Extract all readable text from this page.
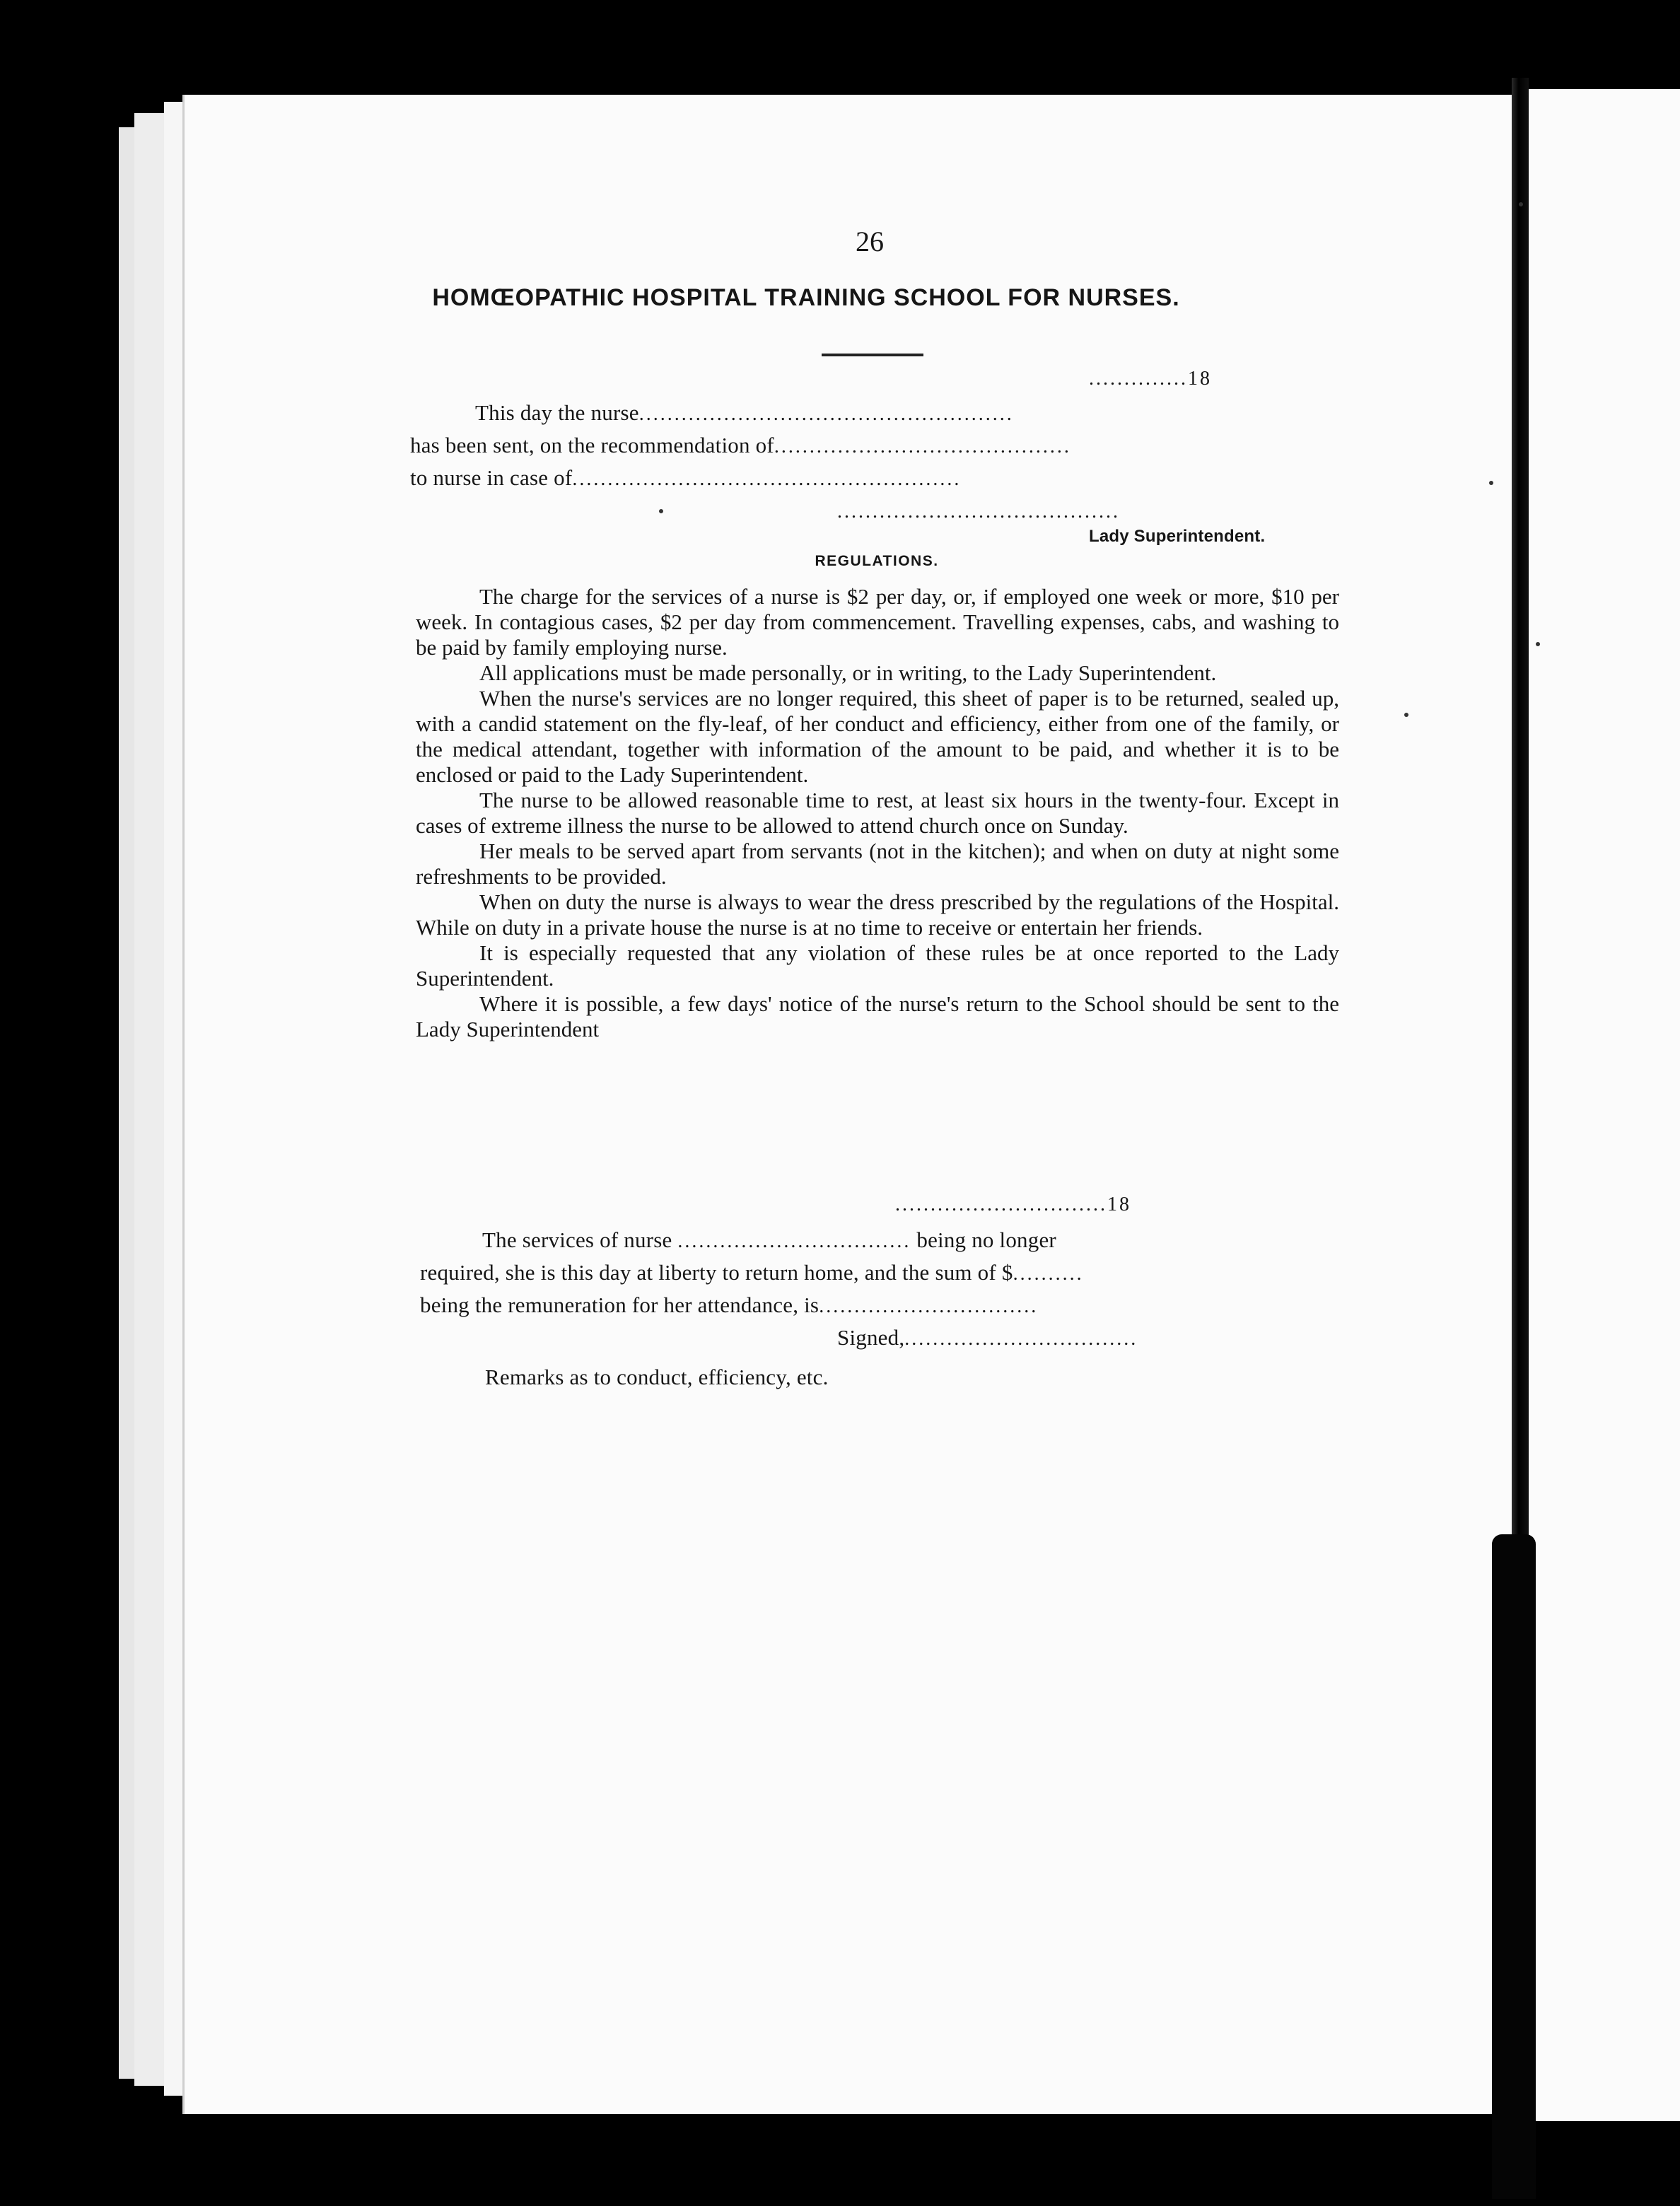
26
HOMŒOPATHIC HOSPITAL TRAINING SCHOOL FOR NURSES.
..............18
This day the nurse.....................................................
has been sent, on the recommendation of..........................................
to nurse in case of.......................................................
........................................
Lady Superintendent.
REGULATIONS.

The charge for the services of a nurse is $2 per day, or, if employed one week or more, $10 per week. In contagious cases, $2 per day from commencement. Travelling expenses, cabs, and washing to be paid by family employing nurse.

All applications must be made personally, or in writing, to the Lady Superintendent.

When the nurse's services are no longer required, this sheet of paper is to be returned, sealed up, with a candid statement on the fly-leaf, of her conduct and efficiency, either from one of the family, or the medical attendant, together with information of the amount to be paid, and whether it is to be enclosed or paid to the Lady Superintendent.

The nurse to be allowed reasonable time to rest, at least six hours in the twenty-four. Except in cases of extreme illness the nurse to be allowed to attend church once on Sunday.

Her meals to be served apart from servants (not in the kitchen); and when on duty at night some refreshments to be provided.

When on duty the nurse is always to wear the dress prescribed by the regulations of the Hospital. While on duty in a private house the nurse is at no time to receive or entertain her friends.

It is especially requested that any violation of these rules be at once reported to the Lady Superintendent.

Where it is possible, a few days' notice of the nurse's return to the School should be sent to the Lady Superintendent

..............................18
The services of nurse ................................. being no longer
required, she is this day at liberty to return home, and the sum of $..........
being the remuneration for her attendance, is...............................
Signed,.................................
Remarks as to conduct, efficiency, etc.
